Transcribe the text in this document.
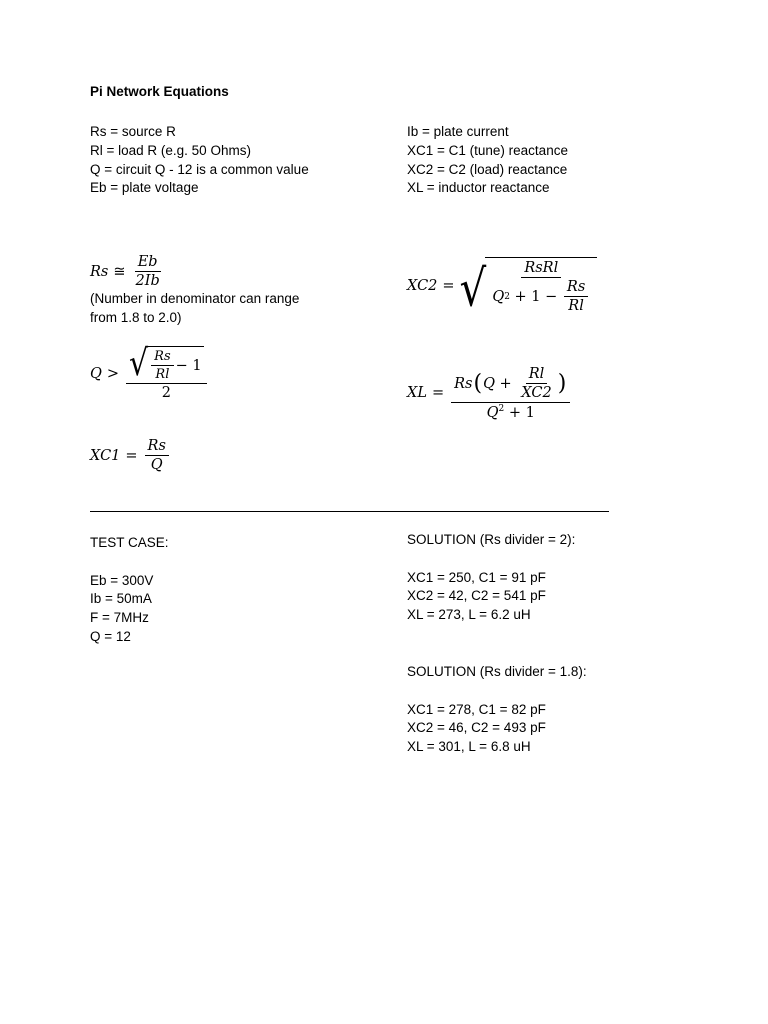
Pi Network Equations
Rs = source R
Rl = load R (e.g. 50 Ohms)
Q = circuit Q - 12 is a common value
Eb = plate voltage
Ib = plate current
XC1 = C1 (tune) reactance
XC2 = C2 (load) reactance
XL = inductor reactance
Rs ≅ $\frac{Eb}{2Ib}$
(Number in denominator can range
from 1.8 to 2.0)
Q > √ $\frac{Rs}{Rl} - 1$
2
$XC1 = \frac{Rs}{Q}$
XC2 = √ $\frac{\text{RsRl}}{Q 2 + 1 - \frac{Rs}{Rl}}$
XL =
Rs ( $Q + \frac{Rl}{XC2}$ )
$Q^2 + 1$
TEST CASE:
Eb = 300V
Ib = 50mA
F = 7MHz
Q = 12
SOLUTION (Rs divider = 2):
XC1 = 250, C1 = 91 pF
XC2 = 42, C2 = 541 pF
XL = 273, L = 6.2 uH
SOLUTION (Rs divider = 1.8):
XC1 = 278, C1 = 82 pF
XC2 = 46, C2 = 493 pF
XL = 301, L = 6.8 uH
